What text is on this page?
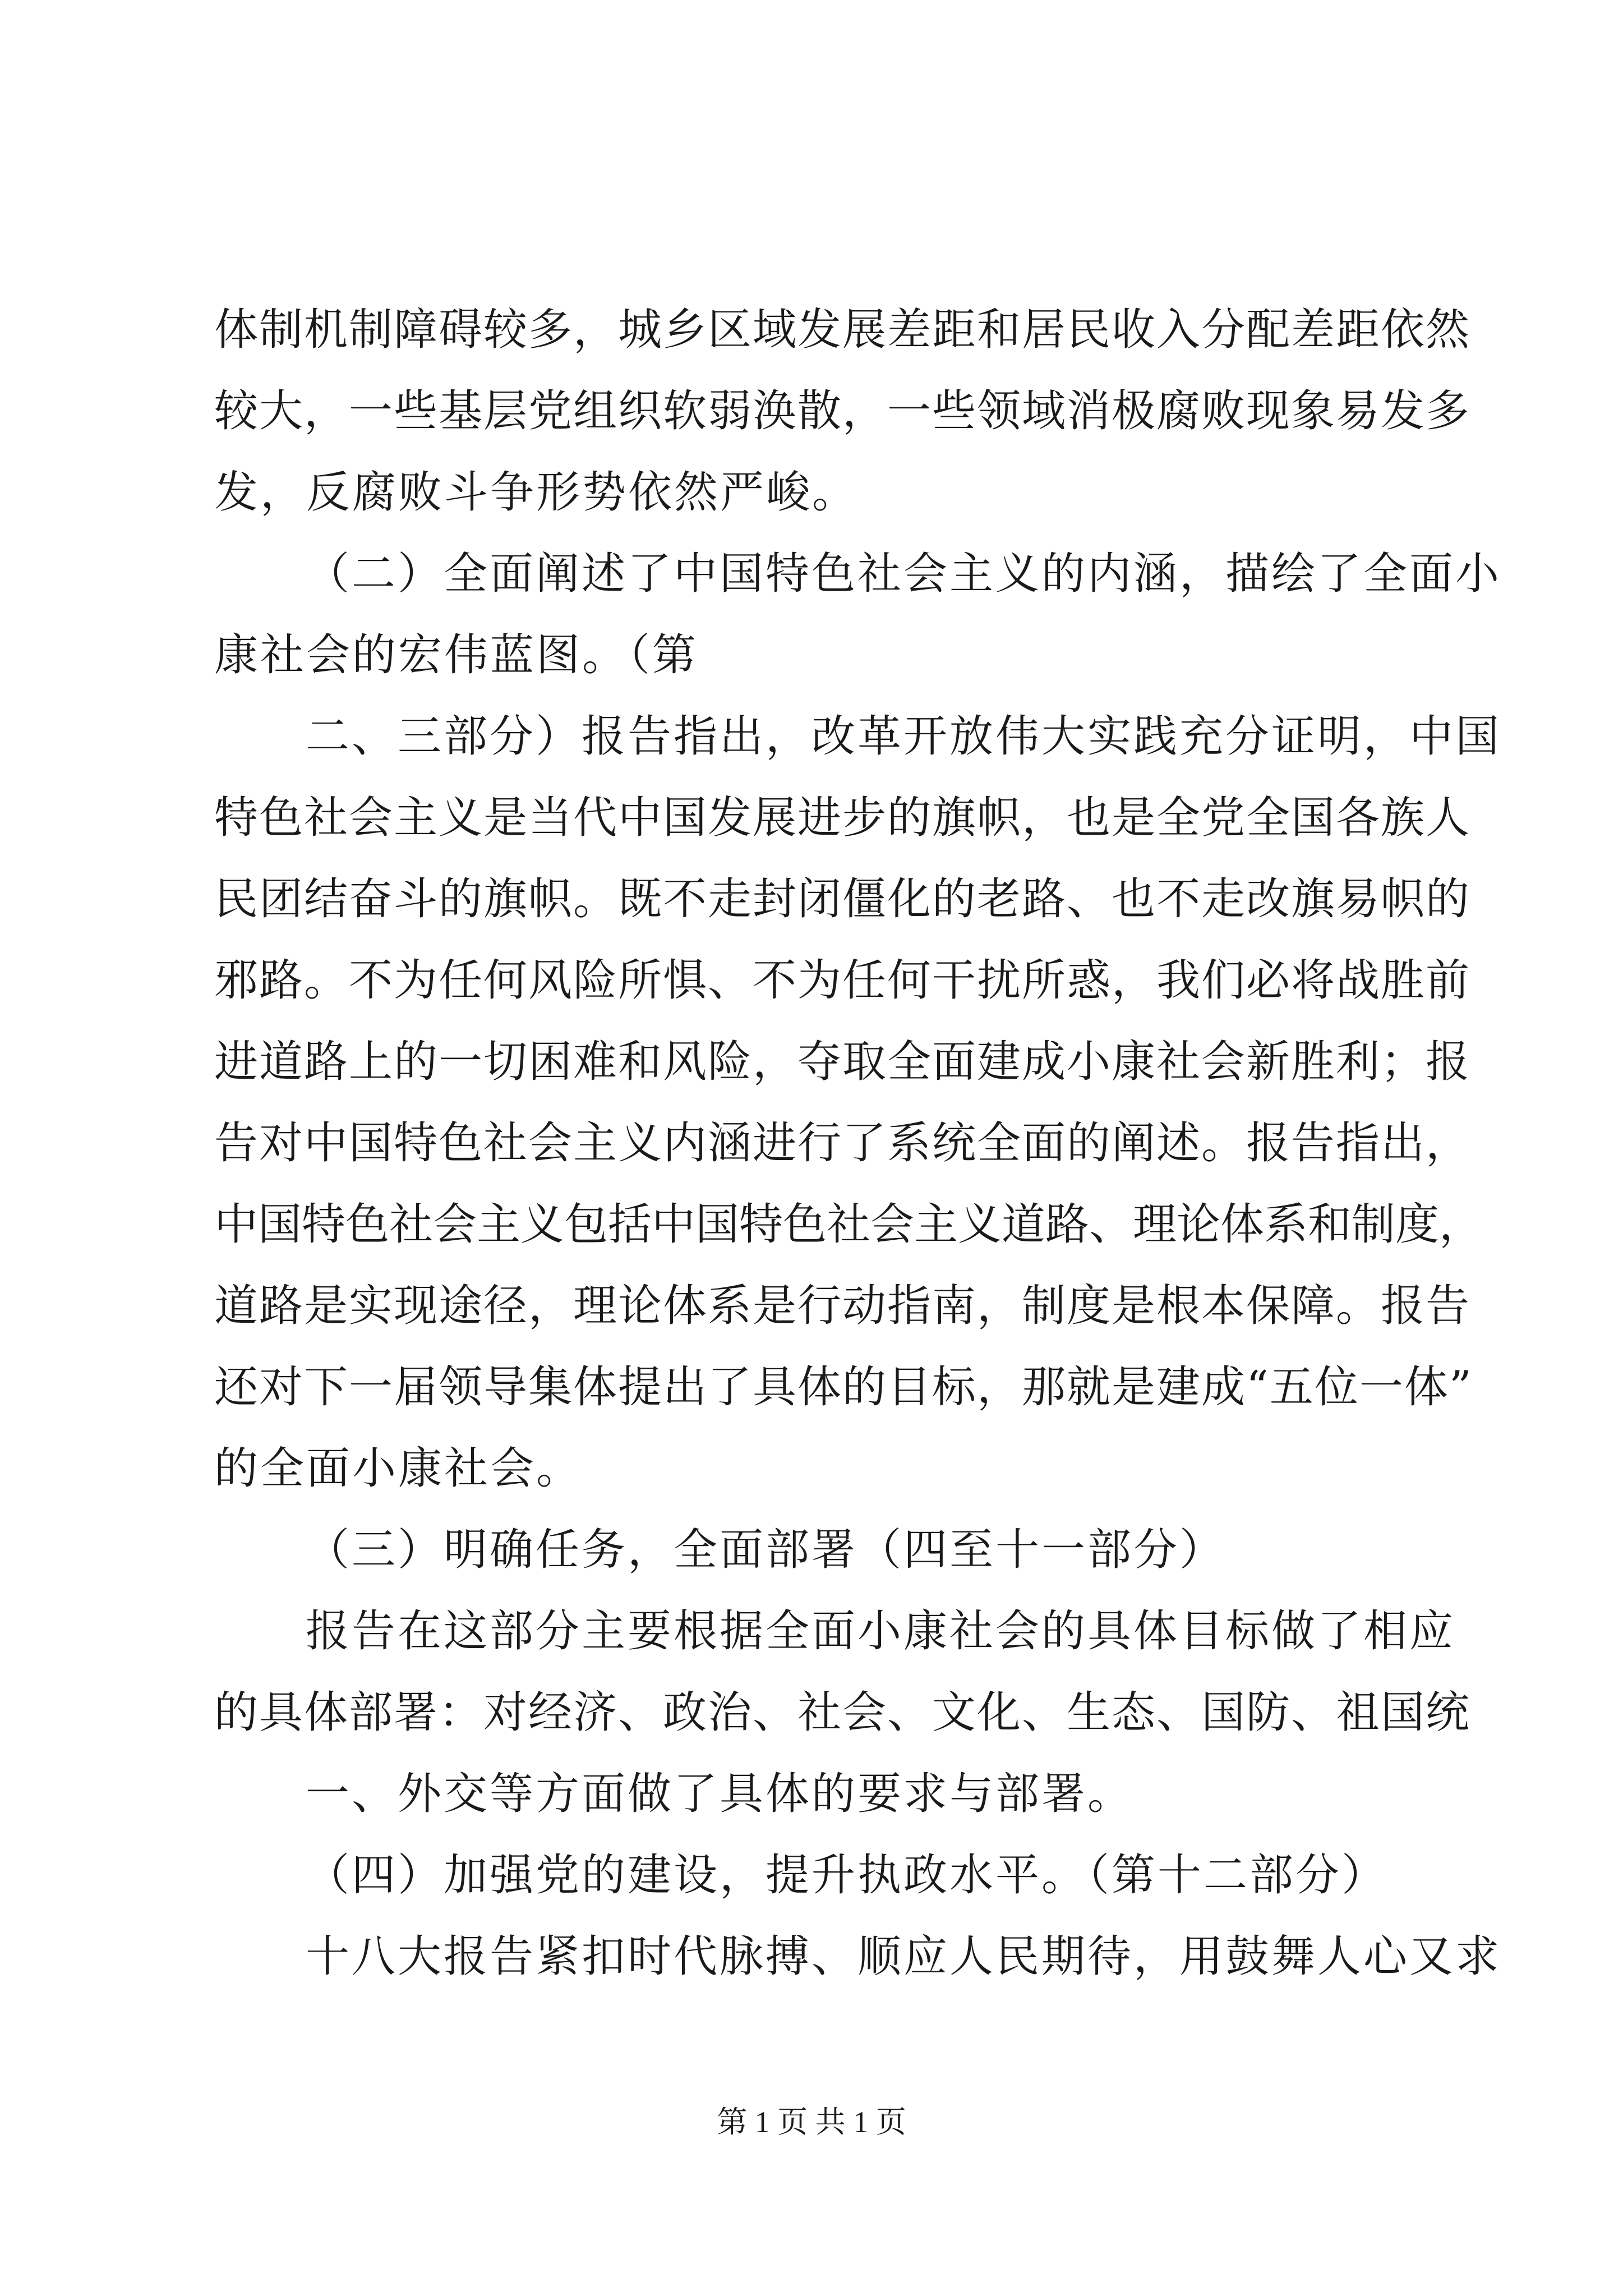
体制机制障碍较多，城乡区域发展差距和居民收入分配差距依然
较大，一些基层党组织软弱涣散，一些领域消极腐败现象易发多
发，反腐败斗争形势依然严峻。
（二）全面阐述了中国特色社会主义的内涵，描绘了全面小
康社会的宏伟蓝图。（第
二、三部分）报告指出，改革开放伟大实践充分证明，中国
特色社会主义是当代中国发展进步的旗帜，也是全党全国各族人
民团结奋斗的旗帜。既不走封闭僵化的老路、也不走改旗易帜的
邪路。不为任何风险所惧、不为任何干扰所惑，我们必将战胜前
进道路上的一切困难和风险，夺取全面建成小康社会新胜利；报
告对中国特色社会主义内涵进行了系统全面的阐述。报告指出，
中国特色社会主义包括中国特色社会主义道路、理论体系和制度，
道路是实现途径，理论体系是行动指南，制度是根本保障。报告
还对下一届领导集体提出了具体的目标，那就是建成“五位一体”
的全面小康社会。
（三）明确任务，全面部署（四至十一部分）
报告在这部分主要根据全面小康社会的具体目标做了相应
的具体部署：对经济、政治、社会、文化、生态、国防、祖国统
一、外交等方面做了具体的要求与部署。
（四）加强党的建设，提升执政水平。（第十二部分）
十八大报告紧扣时代脉搏、顺应人民期待，用鼓舞人心又求
第 1 页 共 1 页
